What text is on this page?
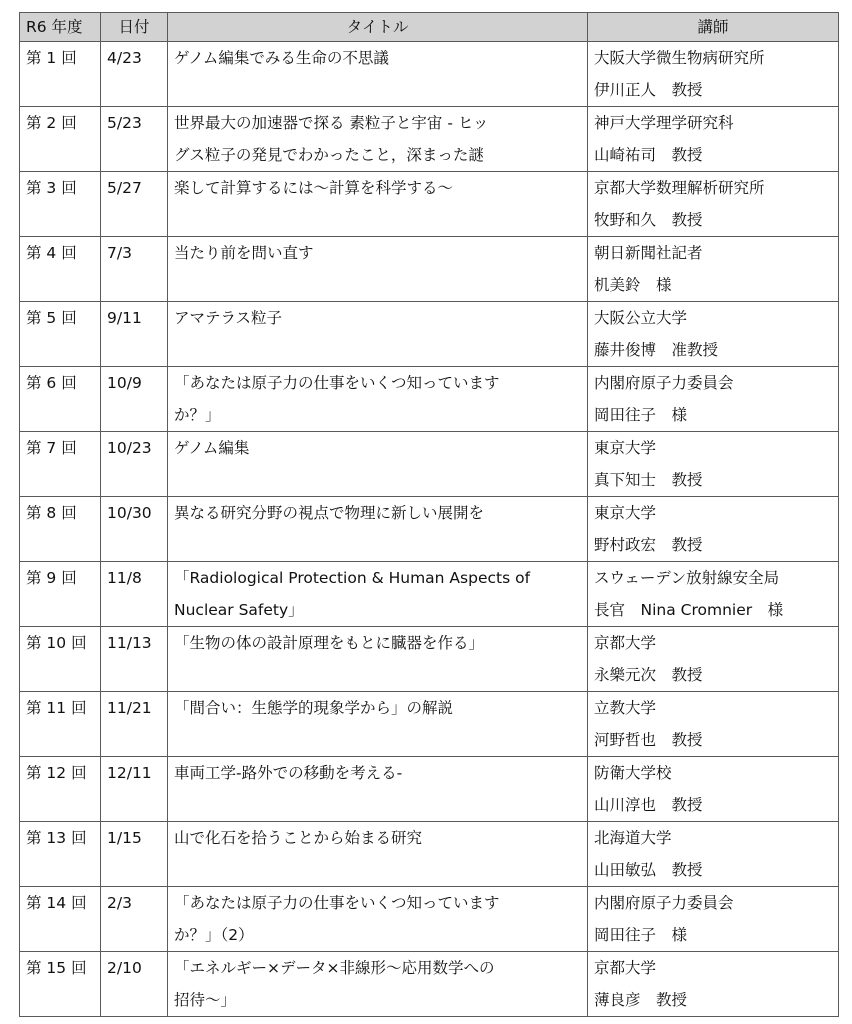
R6 年度	日付	タイトル	講師
第 1 回	4/23	ゲノム編集でみる生命の不思議	大阪大学微生物病研究所
伊川正人　教授

第 2 回	5/23	世界最大の加速器で探る 素粒子と宇宙 - ヒッ
グス粒子の発見でわかったこと，深まった謎	神戸大学理学研究科
山崎祐司　教授

第 3 回	5/27	楽して計算するには～計算を科学する～	京都大学数理解析研究所
牧野和久　教授

第 4 回	7/3	当たり前を問い直す	朝日新聞社記者
机美鈴　様

第 5 回	9/11	アマテラス粒子	大阪公立大学
藤井俊博　准教授

第 6 回	10/9	「あなたは原子力の仕事をいくつ知っています
か？」	内閣府原子力委員会
岡田往子　様

第 7 回	10/23	ゲノム編集	東京大学
真下知士　教授

第 8 回	10/30	異なる研究分野の視点で物理に新しい展開を	東京大学
野村政宏　教授

第 9 回	11/8	「Radiological Protection & Human Aspects of
Nuclear Safety」	スウェーデン放射線安全局
長官　Nina Cromnier　様

第 10 回	11/13	「生物の体の設計原理をもとに臓器を作る」	京都大学
永樂元次　教授

第 11 回	11/21	「間合い：生態学的現象学から」の解説	立教大学
河野哲也　教授

第 12 回	12/11	車両工学-路外での移動を考える-	防衛大学校
山川淳也　教授

第 13 回	1/15	山で化石を拾うことから始まる研究	北海道大学
山田敏弘　教授

第 14 回	2/3	「あなたは原子力の仕事をいくつ知っています
か？」（2）	内閣府原子力委員会
岡田往子　様

第 15 回	2/10	「エネルギー×データ×非線形～応用数学への
招待～」	京都大学
薄良彦　教授
